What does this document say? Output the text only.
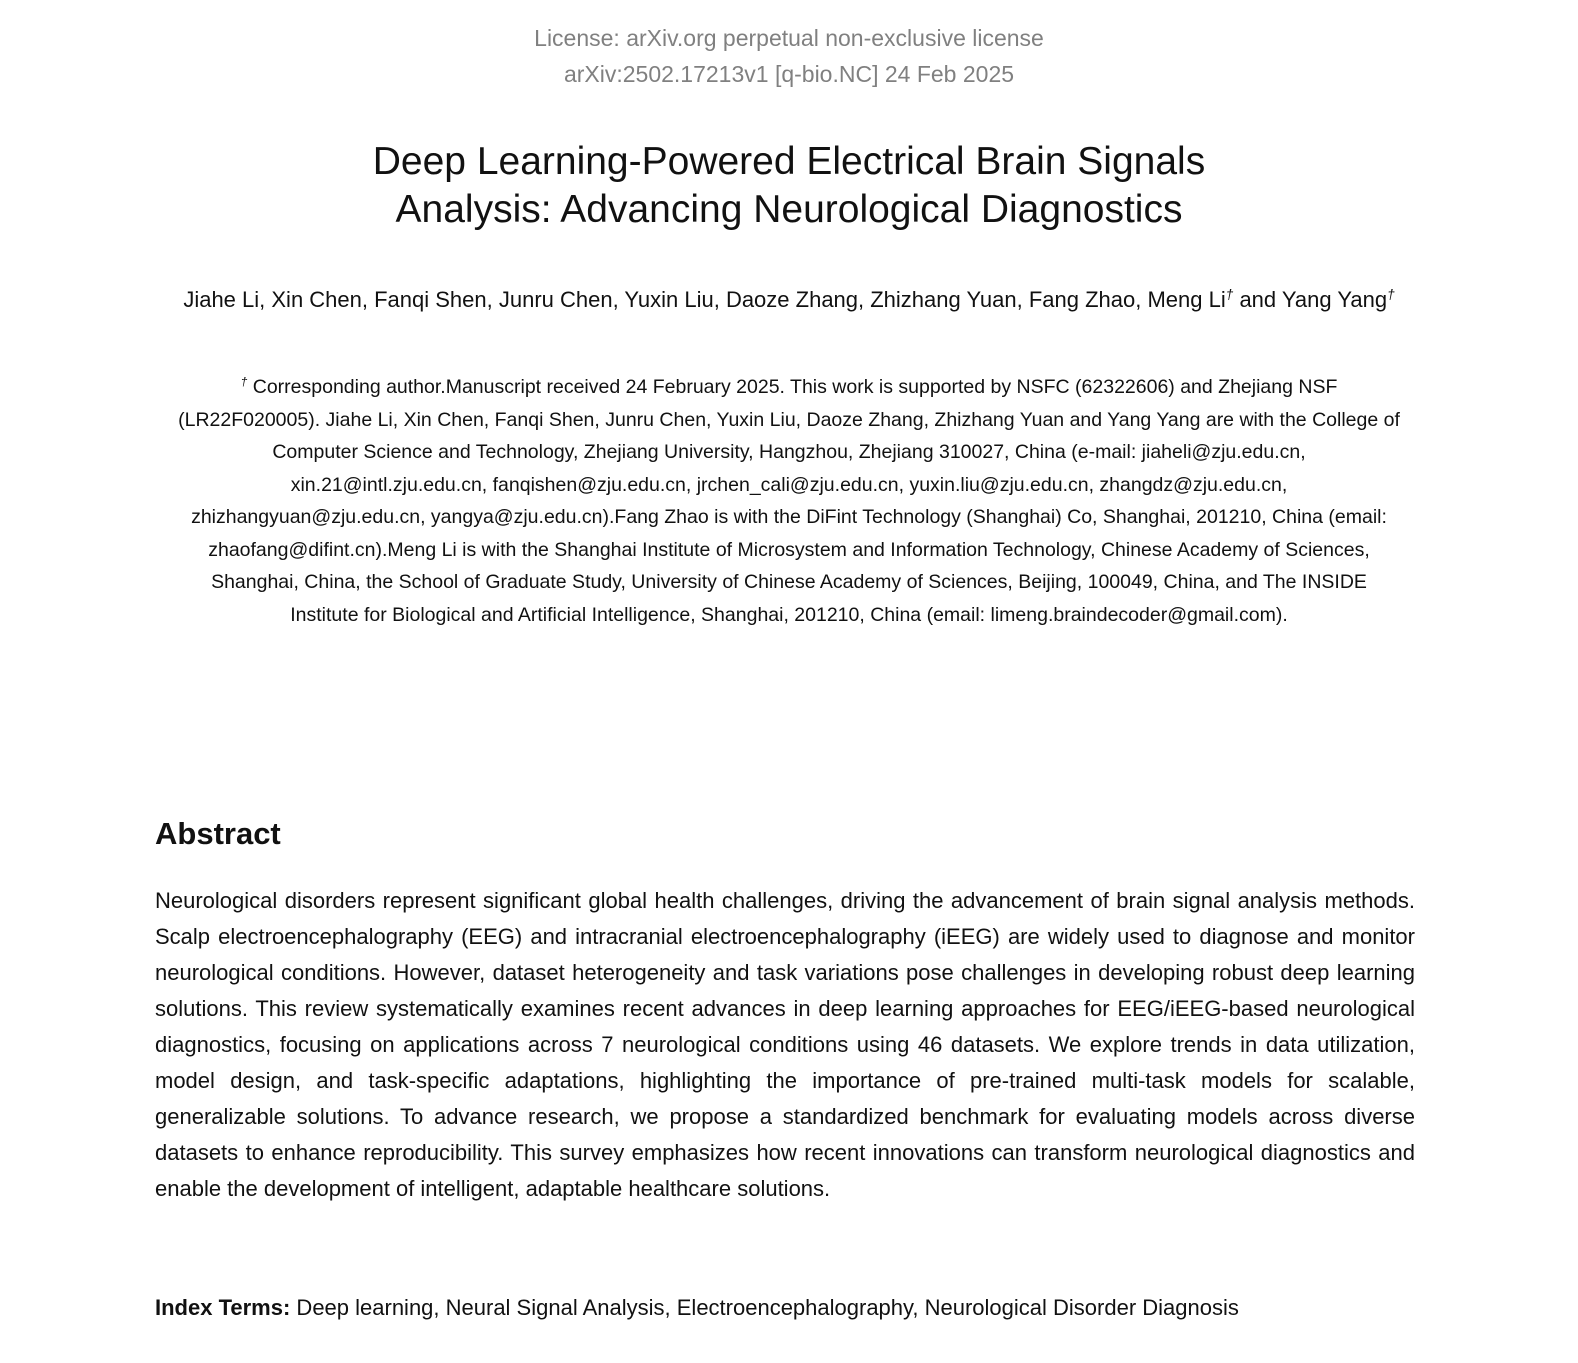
License: arXiv.org perpetual non-exclusive license
arXiv:2502.17213v1 [q-bio.NC] 24 Feb 2025
Deep Learning-Powered Electrical Brain Signals
Analysis: Advancing Neurological Diagnostics
Jiahe Li, Xin Chen, Fanqi Shen, Junru Chen, Yuxin Liu, Daoze Zhang, Zhizhang Yuan, Fang Zhao, Meng Li† and Yang Yang†
† Corresponding author.Manuscript received 24 February 2025. This work is supported by NSFC (62322606) and Zhejiang NSF (LR22F020005). Jiahe Li, Xin Chen, Fanqi Shen, Junru Chen, Yuxin Liu, Daoze Zhang, Zhizhang Yuan and Yang Yang are with the College of Computer Science and Technology, Zhejiang University, Hangzhou, Zhejiang 310027, China (e-mail: jiaheli@zju.edu.cn, xin.21@intl.zju.edu.cn, fanqishen@zju.edu.cn, jrchen_cali@zju.edu.cn, yuxin.liu@zju.edu.cn, zhangdz@zju.edu.cn, zhizhangyuan@zju.edu.cn, yangya@zju.edu.cn).Fang Zhao is with the DiFint Technology (Shanghai) Co, Shanghai, 201210, China (email: zhaofang@difint.cn).Meng Li is with the Shanghai Institute of Microsystem and Information Technology, Chinese Academy of Sciences, Shanghai, China, the School of Graduate Study, University of Chinese Academy of Sciences, Beijing, 100049, China, and The INSIDE Institute for Biological and Artificial Intelligence, Shanghai, 201210, China (email: limeng.braindecoder@gmail.com).
Abstract

Neurological disorders represent significant global health challenges, driving the advancement of brain signal analysis methods. Scalp electroencephalography (EEG) and intracranial electroencephalography (iEEG) are widely used to diagnose and monitor neurological conditions. However, dataset heterogeneity and task variations pose challenges in developing robust deep learning solutions. This review systematically examines recent advances in deep learning approaches for EEG/iEEG-based neurological diagnostics, focusing on applications across 7 neurological conditions using 46 datasets. We explore trends in data utilization, model design, and task-specific adaptations, highlighting the importance of pre-trained multi-task models for scalable, generalizable solutions. To advance research, we propose a standardized benchmark for evaluating models across diverse datasets to enhance reproducibility. This survey emphasizes how recent innovations can transform neurological diagnostics and enable the development of intelligent, adaptable healthcare solutions.

Index Terms: Deep learning, Neural Signal Analysis, Electroencephalography, Neurological Disorder Diagnosis
